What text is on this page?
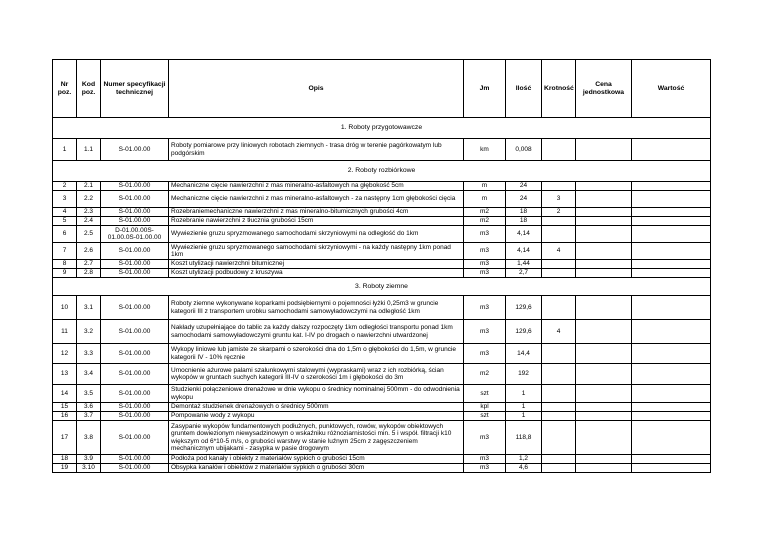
Nr poz.	Kod poz.	Numer specyfikacji technicznej	Opis	Jm	Ilość	Krotność	Cena jednostkowa	Wartość
1. Roboty przygotowawcze								
1	1.1	S-01.00.00	Roboty pomiarowe przy liniowych robotach ziemnych - trasa dróg w terenie pagórkowatym lub podgórskim	km	0,008			
2. Roboty rozbiórkowe								
2	2.1	S-01.00.00	Mechaniczne cięcie nawierzchni z mas mineralno-asfaltowych na głębokość 5cm	m	24			
3	2.2	S-01.00.00	Mechaniczne cięcie nawierzchni z mas mineralno-asfaltowych - za następny 1cm głębokości cięcia	m	24	3		
4	2.3	S-01.00.00	Rozebraniemechaniczne nawierzchni z mas mineralno-bitumicznych grubości 4cm	m2	18	2		
5	2.4	S-01.00.00	Rozebranie nawierzchni z tłucznia grubości 15cm	m2	18			
6	2.5	D-01.00.00S-01.00.0S-01.00.00	Wywiezienie gruzu spryzmowanego samochodami skrzyniowymi na odległość do 1km	m3	4,14			
7	2.6	S-01.00.00	Wywiezienie gruzu spryzmowanego samochodami skrzyniowymi - na każdy następny 1km ponad 1km	m3	4,14	4		
8	2.7	S-01.00.00	Koszt utylizacji nawierzchni bitumicznej	m3	1,44			
9	2.8	S-01.00.00	Koszt utylizacji podbudowy z kruszywa	m3	2,7			
3. Roboty ziemne								
10	3.1	S-01.00.00	Roboty ziemne wykonywane koparkami podsiębiernymi o pojemności łyżki 0,25m3 w gruncie kategorii III z transportem urobku samochodami samowyładowczymi na odległość 1km	m3	129,6			
11	3.2	S-01.00.00	Nakłady uzupełniające do tablic za każdy dalszy rozpoczęty 1km odległości transportu ponad 1km samochodami samowyładowczymi gruntu kat. I-IV po drogach o nawierzchni utwardzonej	m3	129,6	4		
12	3.3	S-01.00.00	Wykopy liniowe lub jamiste ze skarpami o szerokości dna do 1,5m o głębokości do 1,5m, w gruncie kategorii IV - 10% ręcznie	m3	14,4			
13	3.4	S-01.00.00	Umocnienie ażurowe palami szalunkowymi stalowymi (wypraskami) wraz z ich rozbiórką, ścian wykopów w gruntach suchych kategorii III-IV o szerokości 1m i głębokości do 3m	m2	192			
14	3.5	S-01.00.00	Studzienki połączeniowe drenażowe w dnie wykopu o średnicy nominalnej 500mm - do odwodnienia wykopu	szt	1			
15	3.6	S-01.00.00	Demontaż studzienek drenażowych o średnicy 500mm	kpl	1			
16	3.7	S-01.00.00	Pompowanie wody z wykopu	szt	1			
17	3.8	S-01.00.00	Zasypanie wykopów fundamentowych podłużnych, punktowych, rowów, wykopów obiektowych gruntem dowiezionym niewysadzinowym o wskaźniku różnoziarnistości min. 5 i współ. filtracji k10 większym od 6*10-5 m/s, o grubości warstwy w stanie luźnym 25cm z zagęszczeniem mechanicznym ubijakami - zasypka w pasie drogowym	m3	118,8			
18	3.9	S-01.00.00	Podłoża pod kanały i obiekty z materiałów sypkich o grubości 15cm	m3	1,2			
19	3.10	S-01.00.00	Obsypka kanałów i obiektów z materiałów sypkich o grubości 30cm	m3	4,6			
